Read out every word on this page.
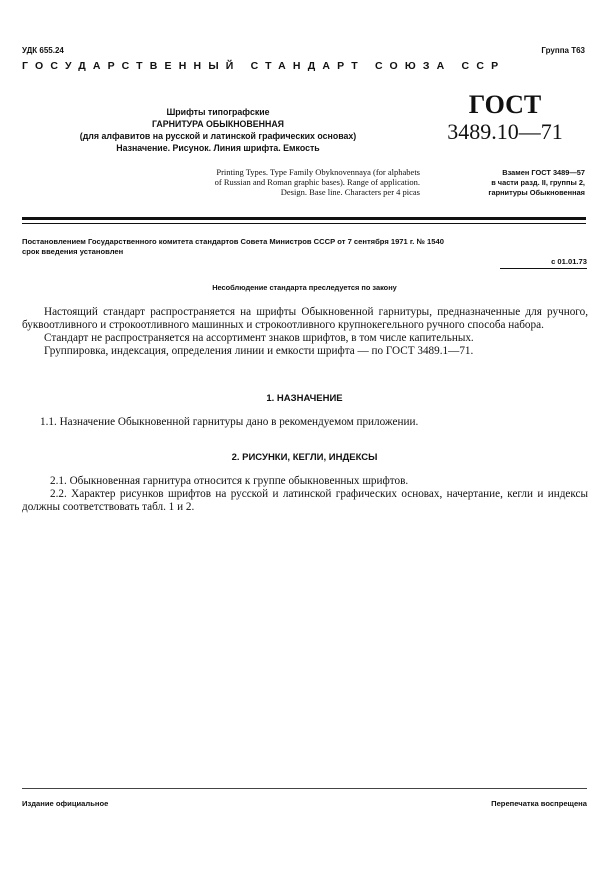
УДК 655.24	Группа Т63
ГОСУДАРСТВЕННЫЙ СТАНДАРТ СОЮЗА ССР
Шрифты типографские
ГАРНИТУРА ОБЫКНОВЕННАЯ
(для алфавитов на русской и латинской графических основах)
Назначение. Рисунок. Линия шрифта. Емкость
Printing Types. Type Family Obyknovennaya (for alphabets
of Russian and Roman graphic bases). Range of application.
Design. Base line. Characters per 4 picas
ГОСТ
3489.10—71
Взамен ГОСТ 3489—57
в части разд. II, группы 2,
гарнитуры Обыкновенная
Постановлением Государственного комитета стандартов Совета Министров СССР от 7 сентября 1971 г. № 1540
срок введения установлен
с 01.01.73
Несоблюдение стандарта преследуется по закону

Настоящий стандарт распространяется на шрифты Обыкновенной гарнитуры, предназначенные для ручного, буквоотливного и строкоотливного машинных и строкоотливного крупнокегельного ручного способа набора.

Стандарт не распространяется на ассортимент знаков шрифтов, в том числе капительных.

Группировка, индексация, определения линии и емкости шрифта — по ГОСТ 3489.1—71.

1. НАЗНАЧЕНИЕ
1.1. Назначение Обыкновенной гарнитуры дано в рекомендуемом приложении.
2. РИСУНКИ, КЕГЛИ, ИНДЕКСЫ

2.1. Обыкновенная гарнитура относится к группе обыкновенных шрифтов.

2.2. Характер рисунков шрифтов на русской и латинской графических основах, начертание, кегли и индексы должны соответствовать табл. 1 и 2.

Издание официальное	Перепечатка воспрещена
